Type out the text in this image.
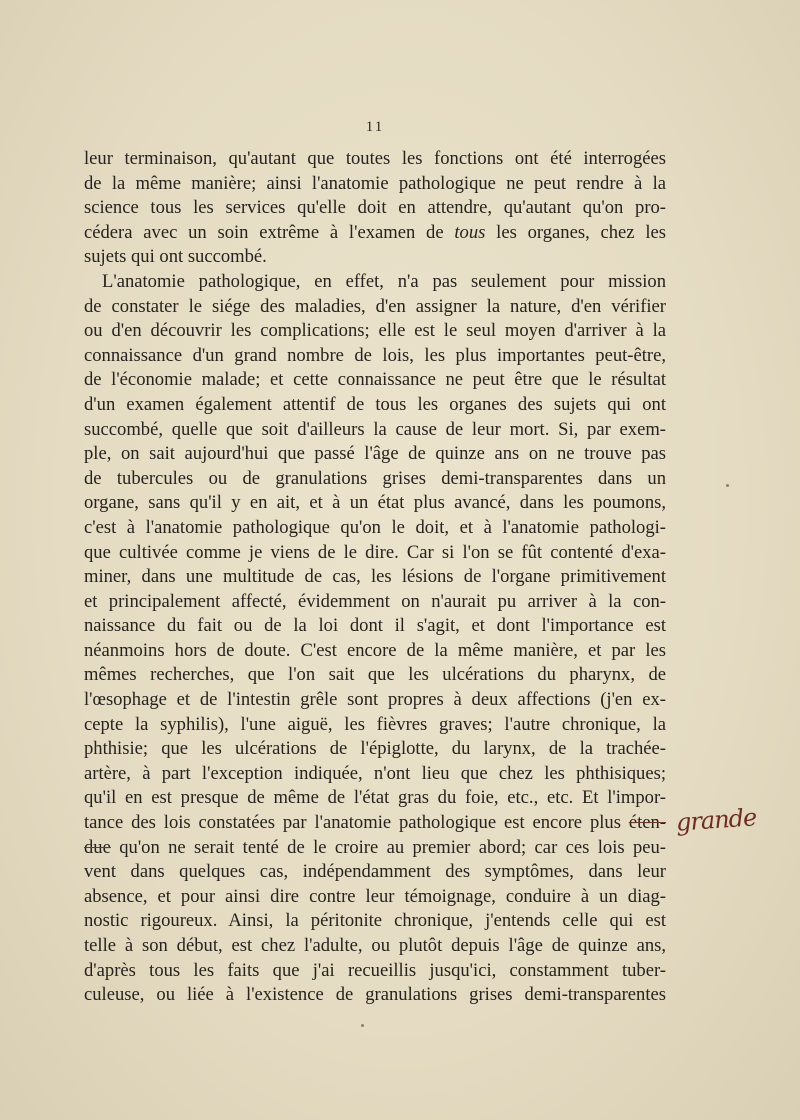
11
leur terminaison, qu'autant que toutes les fonctions ont été interrogées
de la même manière; ainsi l'anatomie pathologique ne peut rendre à la
science tous les services qu'elle doit en attendre, qu'autant qu'on pro-
cédera avec un soin extrême à l'examen de tous les organes, chez les
sujets qui ont succombé.
L'anatomie pathologique, en effet, n'a pas seulement pour mission
de constater le siége des maladies, d'en assigner la nature, d'en vérifier
ou d'en découvrir les complications; elle est le seul moyen d'arriver à la
connaissance d'un grand nombre de lois, les plus importantes peut-être,
de l'économie malade; et cette connaissance ne peut être que le résultat
d'un examen également attentif de tous les organes des sujets qui ont
succombé, quelle que soit d'ailleurs la cause de leur mort. Si, par exem-
ple, on sait aujourd'hui que passé l'âge de quinze ans on ne trouve pas
de tubercules ou de granulations grises demi-transparentes dans un
organe, sans qu'il y en ait, et à un état plus avancé, dans les poumons,
c'est à l'anatomie pathologique qu'on le doit, et à l'anatomie pathologi-
que cultivée comme je viens de le dire. Car si l'on se fût contenté d'exa-
miner, dans une multitude de cas, les lésions de l'organe primitivement
et principalement affecté, évidemment on n'aurait pu arriver à la con-
naissance du fait ou de la loi dont il s'agit, et dont l'importance est
néanmoins hors de doute. C'est encore de la même manière, et par les
mêmes recherches, que l'on sait que les ulcérations du pharynx, de
l'œsophage et de l'intestin grêle sont propres à deux affections (j'en ex-
cepte la syphilis), l'une aiguë, les fièvres graves; l'autre chronique, la
phthisie; que les ulcérations de l'épiglotte, du larynx, de la trachée-
artère, à part l'exception indiquée, n'ont lieu que chez les phthisiques;
qu'il en est presque de même de l'état gras du foie, etc., etc. Et l'impor-
tance des lois constatées par l'anatomie pathologique est encore plus éten-
due qu'on ne serait tenté de le croire au premier abord; car ces lois peu-
vent dans quelques cas, indépendamment des symptômes, dans leur
absence, et pour ainsi dire contre leur témoignage, conduire à un diag-
nostic rigoureux. Ainsi, la péritonite chronique, j'entends celle qui est
telle à son début, est chez l'adulte, ou plutôt depuis l'âge de quinze ans,
d'après tous les faits que j'ai recueillis jusqu'ici, constamment tuber-
culeuse, ou liée à l'existence de granulations grises demi-transparentes
grande
